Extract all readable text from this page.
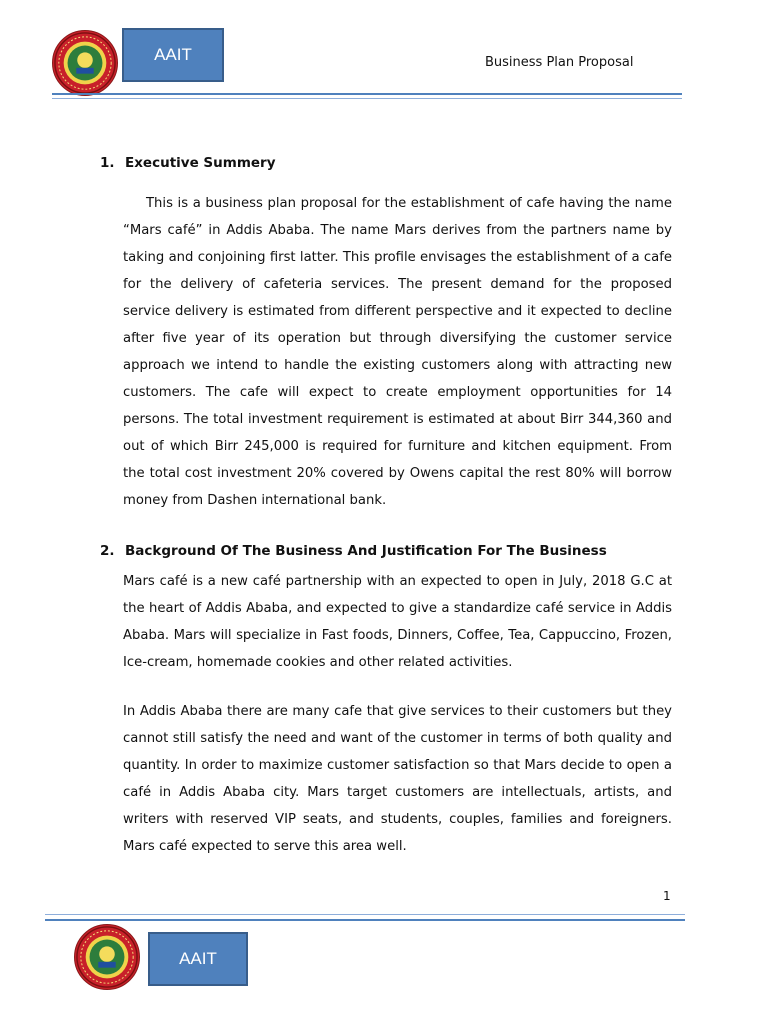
AAIT	Business Plan Proposal
1. Executive Summery

This is a business plan proposal for the establishment of cafe having the name “Mars café” in Addis Ababa. The name Mars derives from the partners name by taking and conjoining first latter. This profile envisages the establishment of a cafe for the delivery of cafeteria services. The present demand for the proposed service delivery is estimated from different perspective and it expected to decline after five year of its operation but through diversifying the customer service approach we intend to handle the existing customers along with attracting new customers. The cafe will expect to create employment opportunities for 14 persons. The total investment requirement is estimated at about Birr 344,360 and out of which Birr 245,000 is required for furniture and kitchen equipment. From the total cost investment 20% covered by Owens capital the rest 80% will borrow money from Dashen international bank.

2. Background Of The Business And Justification For The Business

Mars café is a new café partnership with an expected to open in July, 2018 G.C at the heart of Addis Ababa, and expected to give a standardize café service in Addis Ababa. Mars will specialize in Fast foods, Dinners, Coffee, Tea, Cappuccino, Frozen, Ice-cream, homemade cookies and other related activities.

In Addis Ababa there are many cafe that give services to their customers but they cannot still satisfy the need and want of the customer in terms of both quality and quantity. In order to maximize customer satisfaction so that Mars decide to open a café in Addis Ababa city. Mars target customers are intellectuals, artists, and writers with reserved VIP seats, and students, couples, families and foreigners. Mars café expected to serve this area well.

1
AAIT
